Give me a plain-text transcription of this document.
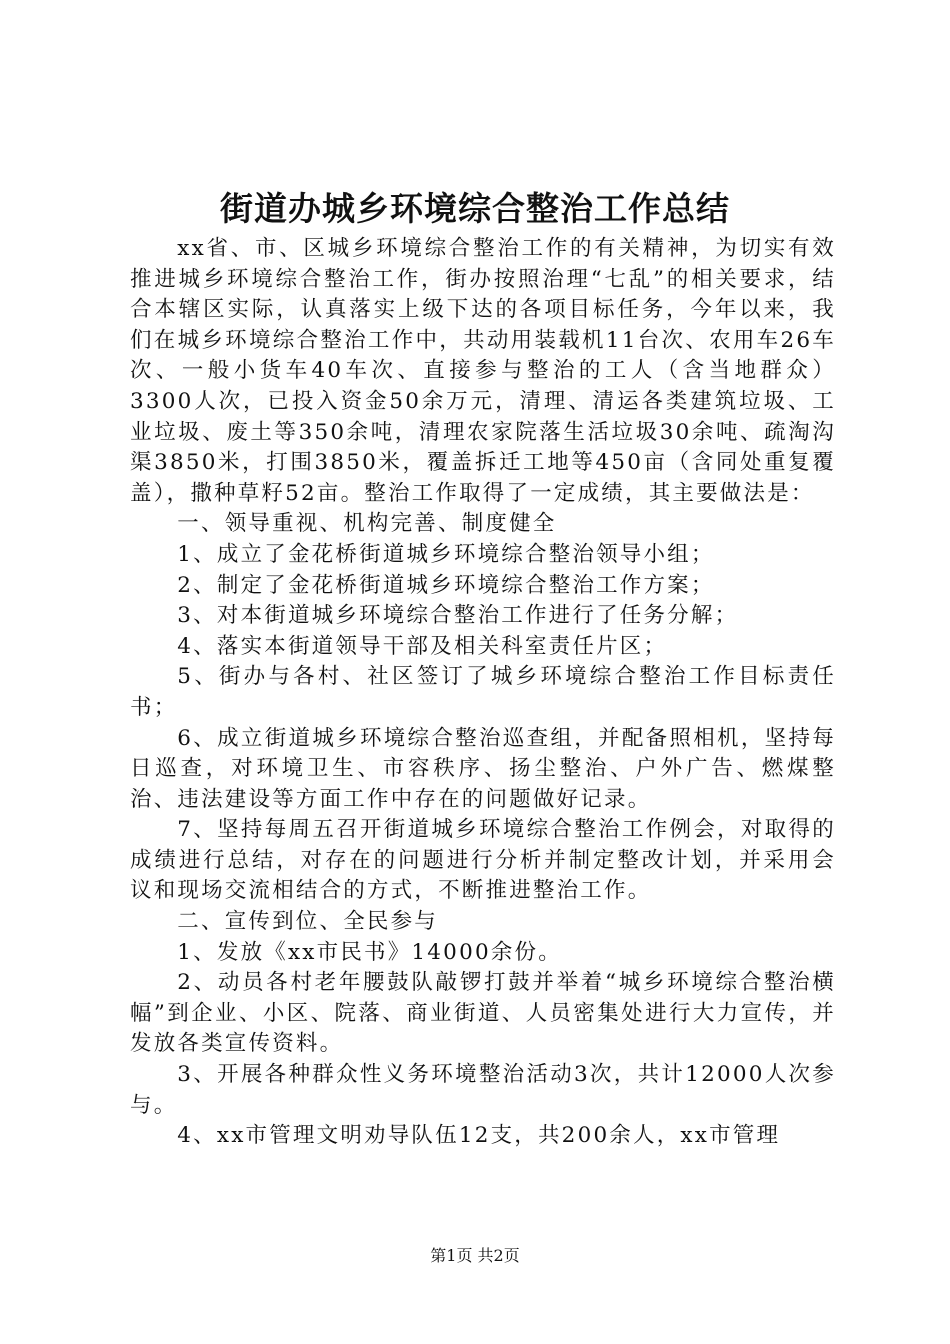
街道办城乡环境综合整治工作总结

xx省、市、区城乡环境综合整治工作的有关精神，为切实有效推进城乡环境综合整治工作，街办按照治理“七乱”的相关要求，结合本辖区实际，认真落实上级下达的各项目标任务，今年以来，我们在城乡环境综合整治工作中，共动用装载机11台次、农用车26车次、一般小货车40车次、直接参与整治的工人（含当地群众）3300人次，已投入资金50余万元，清理、清运各类建筑垃圾、工业垃圾、废土等350余吨，清理农家院落生活垃圾30余吨、疏淘沟渠3850米，打围3850米，覆盖拆迁工地等450亩（含同处重复覆盖），撒种草籽52亩。整治工作取得了一定成绩，其主要做法是：

一、领导重视、机构完善、制度健全

1、成立了金花桥街道城乡环境综合整治领导小组；

2、制定了金花桥街道城乡环境综合整治工作方案；

3、对本街道城乡环境综合整治工作进行了任务分解；

4、落实本街道领导干部及相关科室责任片区；

5、街办与各村、社区签订了城乡环境综合整治工作目标责任书；

6、成立街道城乡环境综合整治巡查组，并配备照相机，坚持每日巡查，对环境卫生、市容秩序、扬尘整治、户外广告、燃煤整治、违法建设等方面工作中存在的问题做好记录。

7、坚持每周五召开街道城乡环境综合整治工作例会，对取得的成绩进行总结，对存在的问题进行分析并制定整改计划，并采用会议和现场交流相结合的方式，不断推进整治工作。

二、宣传到位、全民参与

1、发放《xx市民书》14000余份。

2、动员各村老年腰鼓队敲锣打鼓并举着“城乡环境综合整治横幅”到企业、小区、院落、商业街道、人员密集处进行大力宣传，并发放各类宣传资料。

3、开展各种群众性义务环境整治活动3次，共计12000人次参与。

4、xx市管理文明劝导队伍12支，共200余人，xx市管理

第1页 共2页
